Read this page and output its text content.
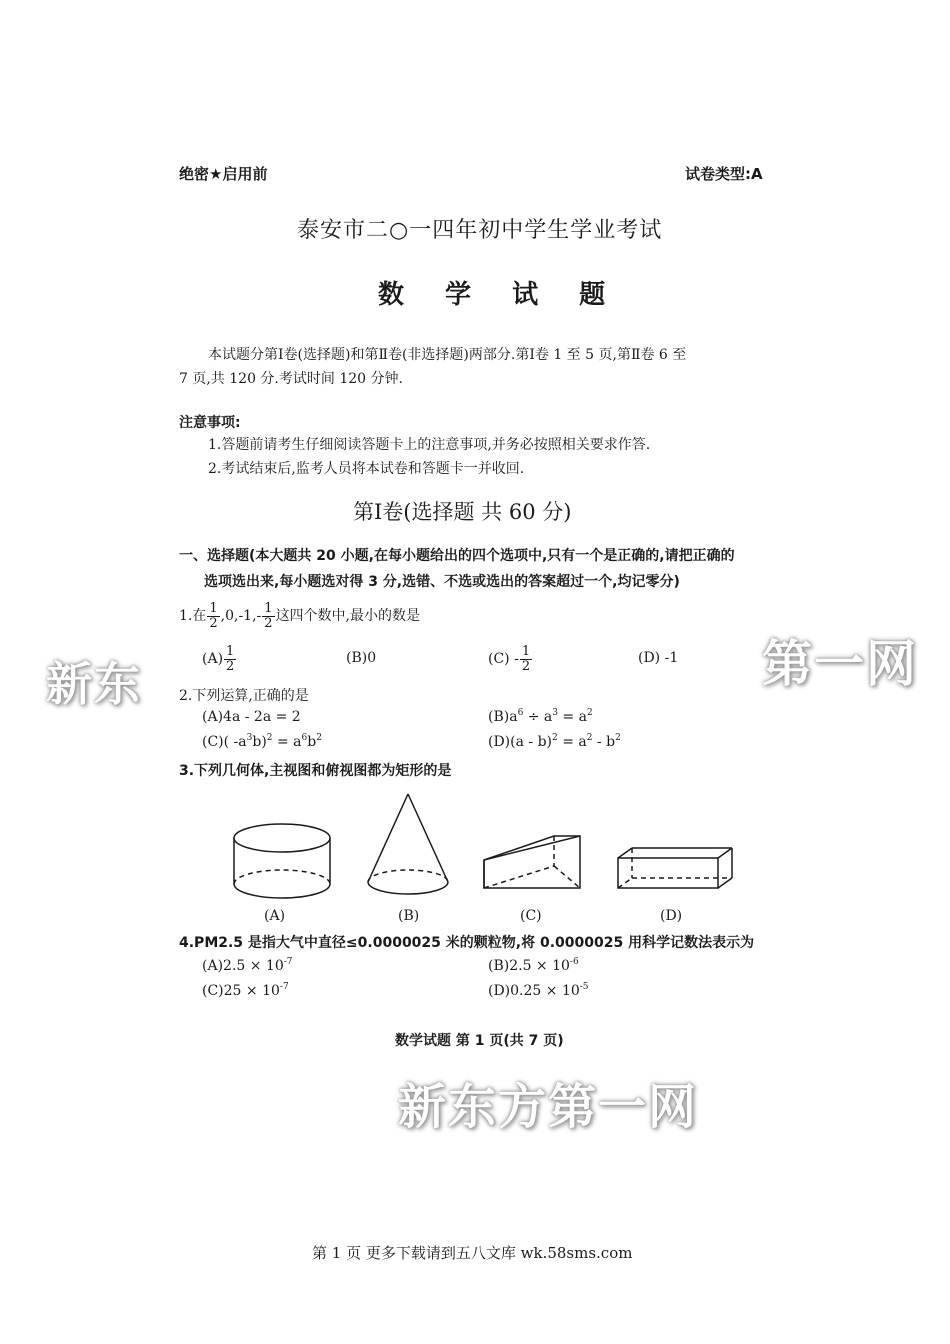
绝密★启用前	试卷类型:A
泰安市二○一四年初中学生学业考试
数 学 试 题
本试题分第Ⅰ卷(选择题)和第Ⅱ卷(非选择题)两部分.第Ⅰ卷 1 至 5 页,第Ⅱ卷 6 至
7 页,共 120 分.考试时间 120 分钟.
注意事项:
1.答题前请考生仔细阅读答题卡上的注意事项,并务必按照相关要求作答.
2.考试结束后,监考人员将本试卷和答题卡一并收回.
第Ⅰ卷(选择题 共 60 分)
一、选择题(本大题共 20 小题,在每小题给出的四个选项中,只有一个是正确的,请把正确的
选项选出来,每小题选对得 3 分,选错、不选或选出的答案超过一个,均记零分)
1.在 $\frac{1}{2} ,0,-1,- \frac{1}{2}$ 这四个数中,最小的数是
$(A) \frac{1}{2}$	(B)0	$(C) - \frac{1}{2}$	(D) -1
2.下列运算,正确的是
(A)4a - 2a = 2	$(B)a^6 \div a^3 = a^2$
(C)( $-a^3b)^2 = a^6b^2$	$(D)(a - b)^2 = a^2 - b^2$
3.下列几何体,主视图和俯视图都为矩形的是
(A)	(B)	(C)	(D)
4.PM2.5 是指大气中直径≤0.0000025 米的颗粒物,将 0.0000025 用科学记数法表示为
$(A)2.5 \times 10^{-7}$	$(B)2.5 \times 10^{-6}$
$(C)25 \times 10^{-7}$	$(D)0.25 \times 10^{-5}$
数学试题 第 1 页(共 7 页)
新东	第一网
新东方第一网
第 1 页 更多下载请到五八文库 wk.58sms.com
